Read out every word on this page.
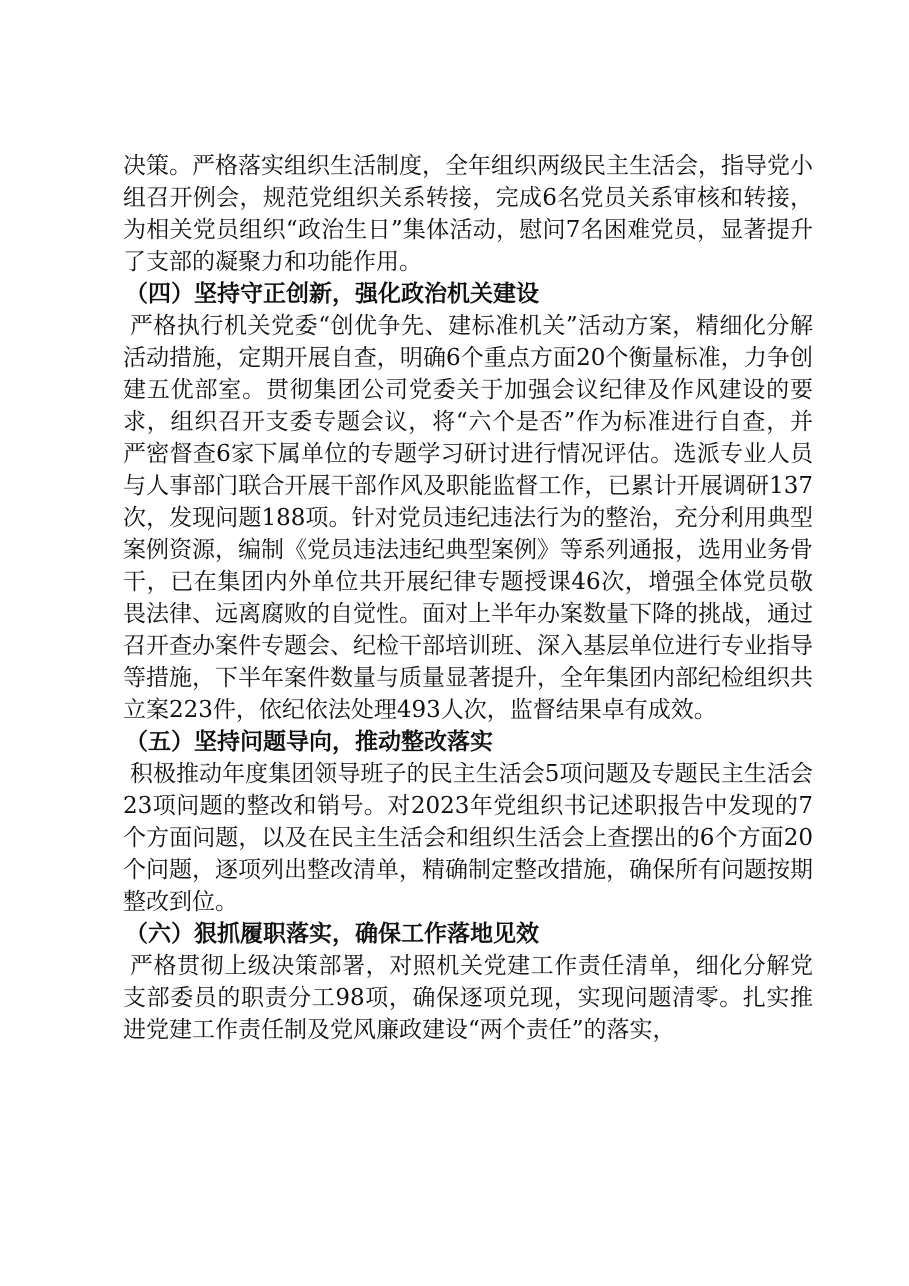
决策。严格落实组织生活制度，全年组织两级民主生活会，指导党小组召开例会，规范党组织关系转接，完成6名党员关系审核和转接，为相关党员组织“政治生日”集体活动，慰问7名困难党员，显著提升了支部的凝聚力和功能作用。

（四）坚持守正创新，强化政治机关建设

严格执行机关党委“创优争先、建标准机关”活动方案，精细化分解活动措施，定期开展自查，明确6个重点方面20个衡量标准，力争创建五优部室。贯彻集团公司党委关于加强会议纪律及作风建设的要求，组织召开支委专题会议，将“六个是否”作为标准进行自查，并严密督查6家下属单位的专题学习研讨进行情况评估。选派专业人员与人事部门联合开展干部作风及职能监督工作，已累计开展调研137次，发现问题188项。针对党员违纪违法行为的整治，充分利用典型案例资源，编制《党员违法违纪典型案例》等系列通报，选用业务骨干，已在集团内外单位共开展纪律专题授课46次，增强全体党员敬畏法律、远离腐败的自觉性。面对上半年办案数量下降的挑战，通过召开查办案件专题会、纪检干部培训班、深入基层单位进行专业指导等措施，下半年案件数量与质量显著提升，全年集团内部纪检组织共立案223件，依纪依法处理493人次，监督结果卓有成效。

（五）坚持问题导向，推动整改落实

积极推动年度集团领导班子的民主生活会5项问题及专题民主生活会23项问题的整改和销号。对2023年党组织书记述职报告中发现的7个方面问题，以及在民主生活会和组织生活会上查摆出的6个方面20个问题，逐项列出整改清单，精确制定整改措施，确保所有问题按期整改到位。

（六）狠抓履职落实，确保工作落地见效

严格贯彻上级决策部署，对照机关党建工作责任清单，细化分解党支部委员的职责分工98项，确保逐项兑现，实现问题清零。扎实推进党建工作责任制及党风廉政建设“两个责任”的落实，
